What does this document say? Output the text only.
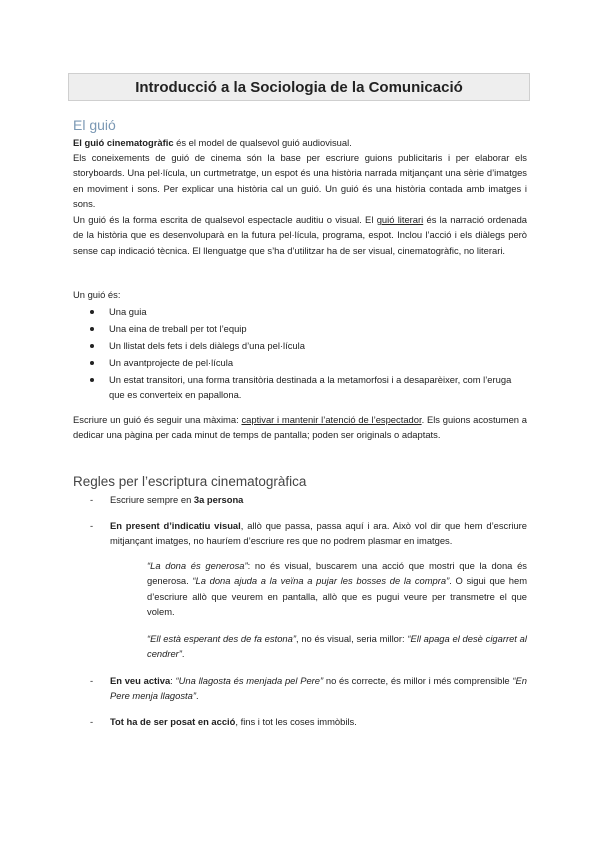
Introducció a la Sociologia de la Comunicació
El guió

El guió cinematogràfic és el model de qualsevol guió audiovisual.

Els coneixements de guió de cinema són la base per escriure guions publicitaris i per elaborar els storyboards. Una pel·lícula, un curtmetratge, un espot és una història narrada mitjançant una sèrie d’imatges en moviment i sons. Per explicar una història cal un guió. Un guió és una història contada amb imatges i sons.

Un guió és la forma escrita de qualsevol espectacle auditiu o visual. El guió literari és la narració ordenada de la història que es desenvoluparà en la futura pel·lícula, programa, espot. Inclou l’acció i els diàlegs però sense cap indicació tècnica. El llenguatge que s’ha d’utilitzar ha de ser visual, cinematogràfic, no literari.

Un guió és:

Una guia
Una eina de treball per tot l’equip
Un llistat dels fets i dels diàlegs d’una pel·lícula
Un avantprojecte de pel·lícula
Un estat transitori, una forma transitòria destinada a la metamorfosi i a desaparèixer, com l’eruga que es converteix en papallona.

Escriure un guió és seguir una màxima: captivar i mantenir l’atenció de l’espectador. Els guions acostumen a dedicar una pàgina per cada minut de temps de pantalla; poden ser originals o adaptats.

Regles per l’escriptura cinematogràfica
- Escriure sempre en 3a persona
- En present d’indicatiu visual, allò que passa, passa aquí i ara. Això vol dir que hem d’escriure mitjançant imatges, no hauríem d’escriure res que no podrem plasmar en imatges.
“La dona és generosa”: no és visual, buscarem una acció que mostri que la dona és generosa. “La dona ajuda a la veïna a pujar les bosses de la compra”. O sigui que hem d’escriure allò que veurem en pantalla, allò que es pugui veure per transmetre el que volem.
“Ell està esperant des de fa estona”, no és visual, seria millor: “Ell apaga el desè cigarret al cendrer”.
- En veu activa: “Una llagosta és menjada pel Pere” no és correcte, és millor i més comprensible “En Pere menja llagosta”.
- Tot ha de ser posat en acció, fins i tot les coses immòbils.
